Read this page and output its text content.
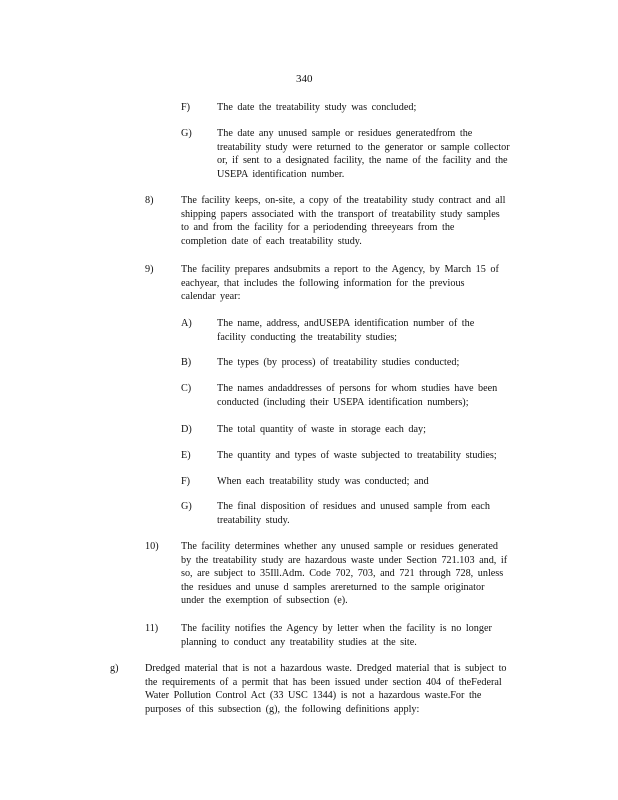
340
F)	The date the treatability study was concluded;
G) The date any unused sample or residues generatedfrom the
treatability study were returned to the generator or sample collector
or, if sent to a designated facility, the name of the facility and the
USEPA identification number.
8)	The facility keeps, on-site, a copy of the treatability study contract and all
shipping papers associated with the transport of treatability study samples
to and from the facility for a periodending threeyears from the
completion date of each treatability study.
9)	The facility prepares andsubmits a report to the Agency, by March 15 of
eachyear, that includes the following information for the previous
calendar year:
A) The name, address, andUSEPA identification number of the
facility conducting the treatability studies;
B)	The types (by process) of treatability studies conducted;
C)	The names andaddresses of persons for whom studies have been
conducted (including their USEPA identification numbers);
D) The total quantity of waste in storage each day;
E)	The quantity and types of waste subjected to treatability studies;
F)	When each treatability study was conducted; and
G) The final disposition of residues and unused sample from each
treatability study.
10) The facility determines whether any unused sample or residues generated
by the treatability study are hazardous waste under Section 721.103 and, if
so, are subject to 35Ill.Adm. Code 702, 703, and 721 through 728, unless
the residues and unuse d samples arereturned to the sample originator
under the exemption of subsection (e).
11) The facility notifies the Agency by letter when the facility is no longer
planning to conduct any treatability studies at the site.
g)	Dredged material that is not a hazardous waste. Dredged material that is subject to
the requirements of a permit that has been issued under section 404 of theFederal
Water Pollution Control Act (33 USC 1344) is not a hazardous waste.For the
purposes of this subsection (g), the following definitions apply:
